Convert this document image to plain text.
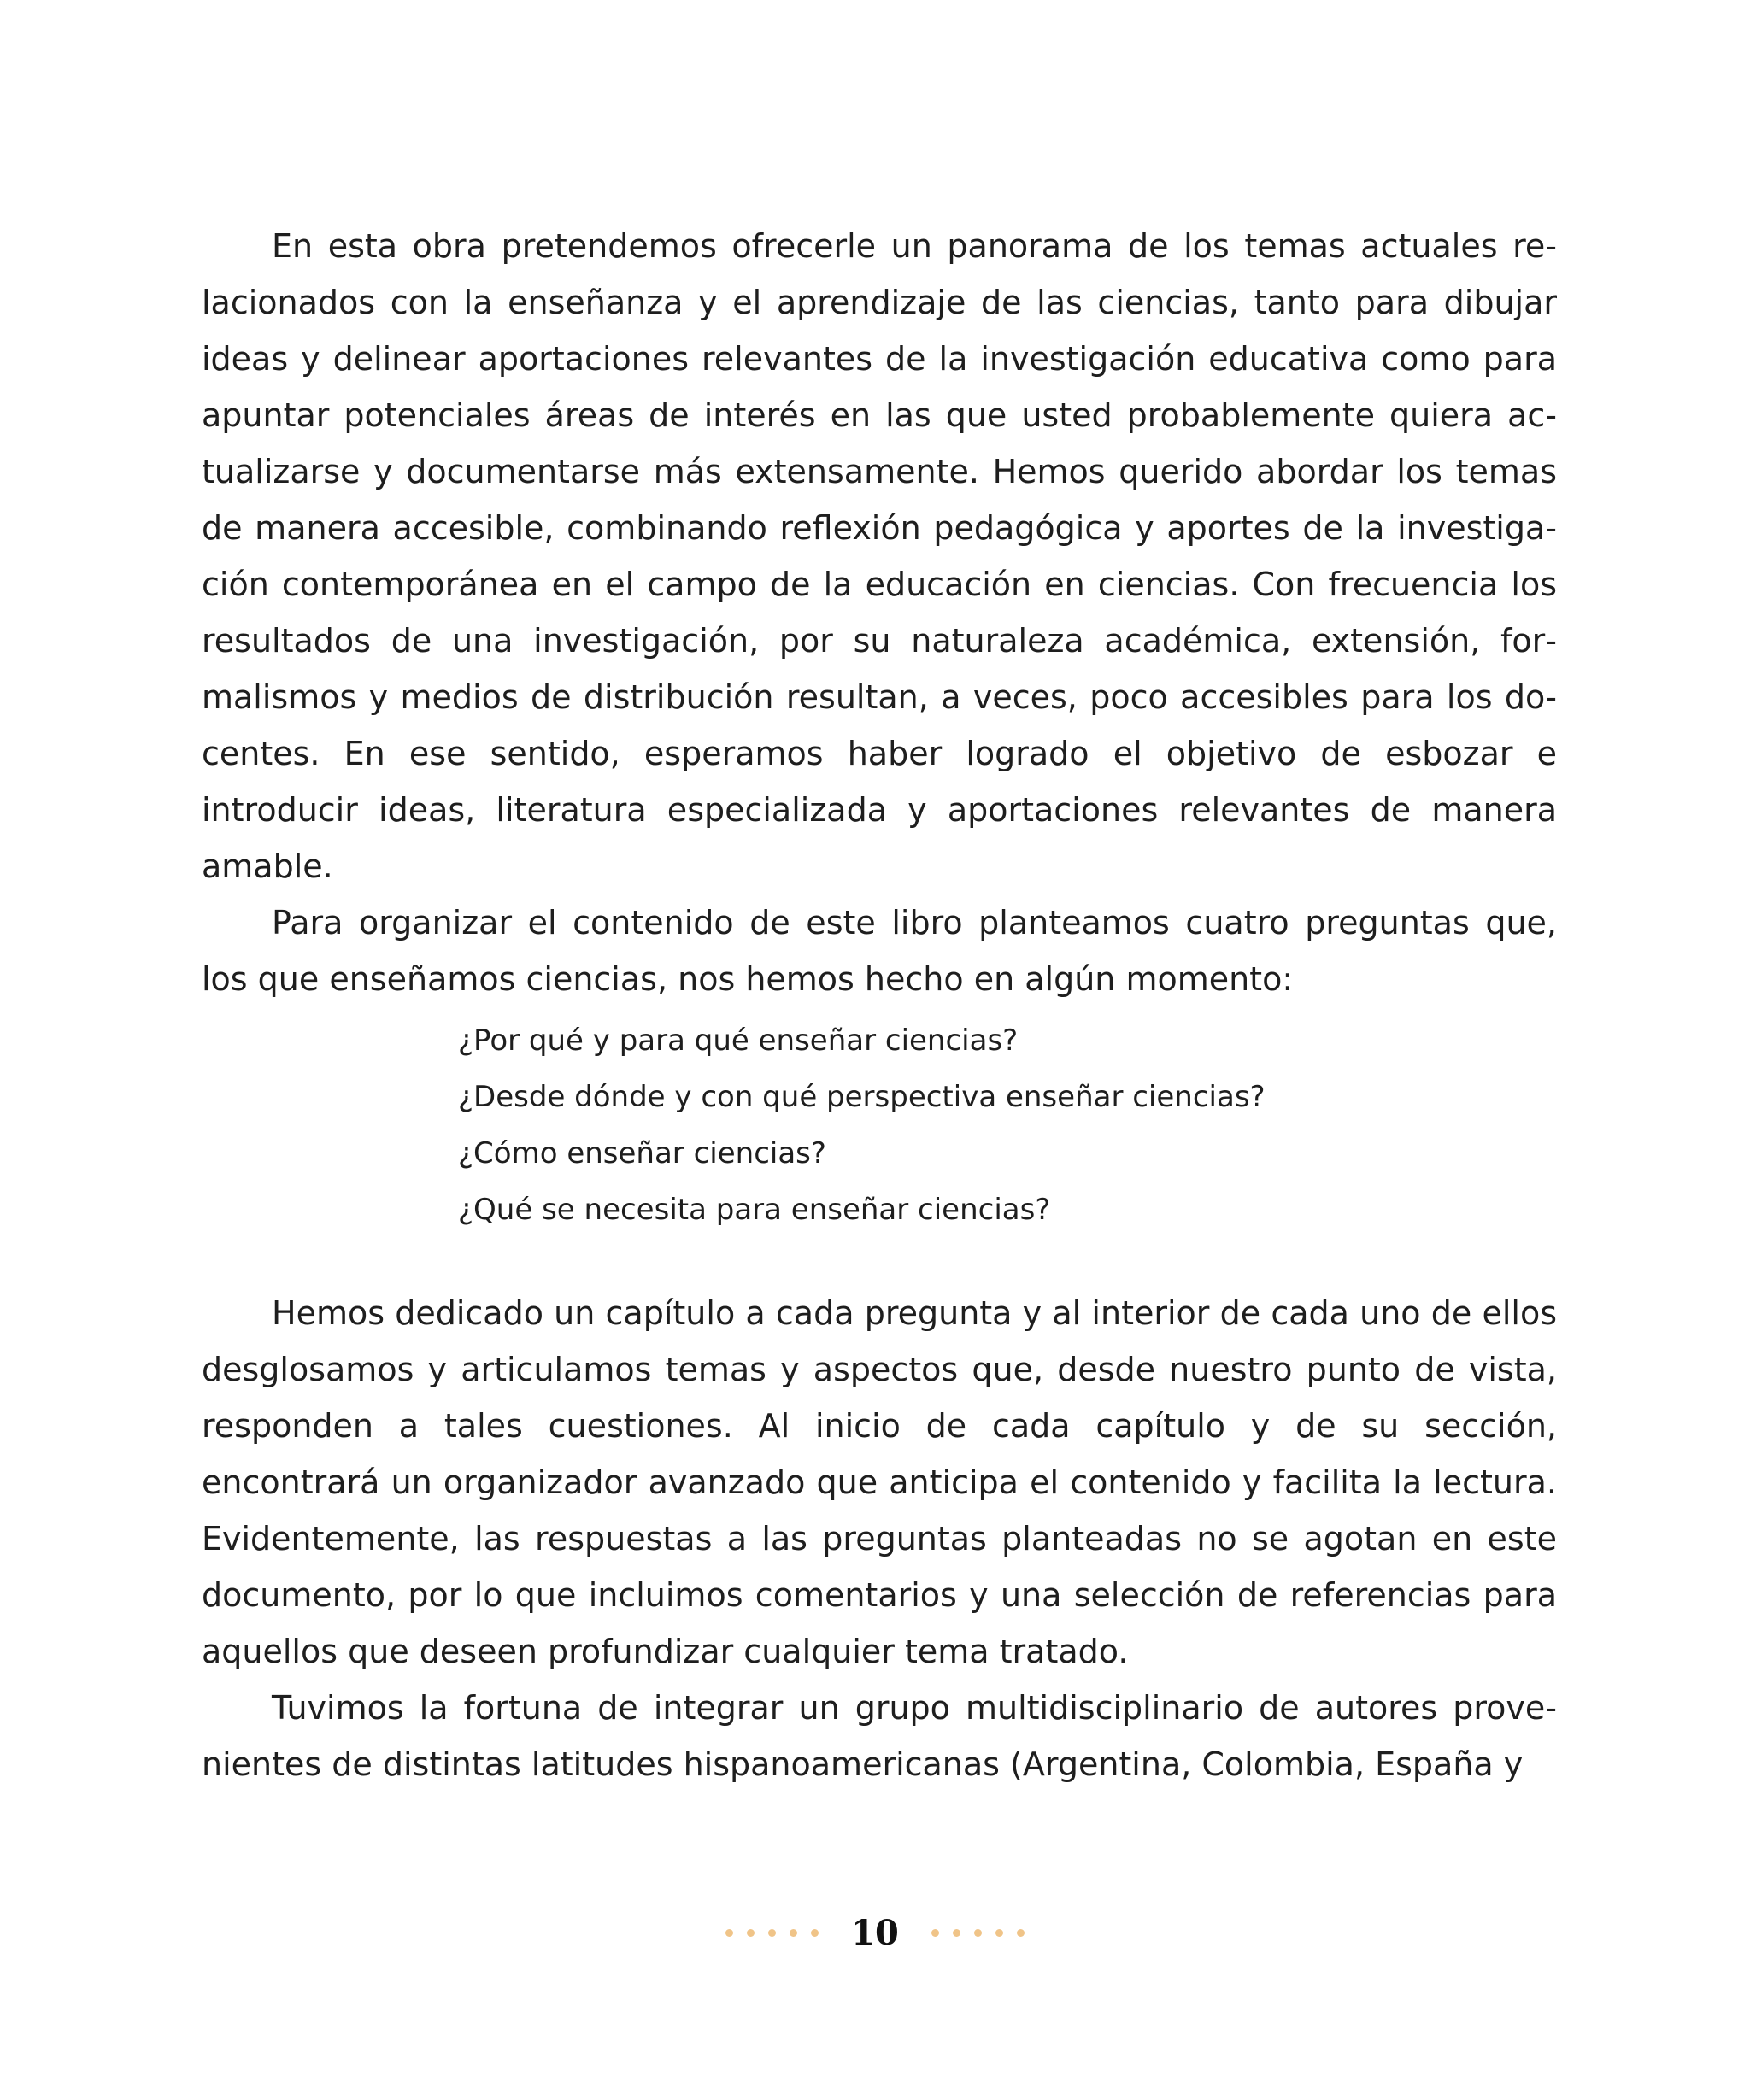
En esta obra pretendemos ofrecerle un panorama de los temas actuales relacionados con la enseñanza y el aprendizaje de las ciencias, tanto para dibujar ideas y delinear aportaciones relevantes de la investigación educativa como para apuntar potenciales áreas de interés en las que usted probablemente quiera actualizarse y documentarse más extensamente. Hemos querido abordar los temas de manera accesible, combinando reflexión pedagógica y aportes de la investigación contemporánea en el campo de la educación en ciencias. Con frecuencia los resultados de una investigación, por su naturaleza académica, extensión, formalismos y medios de distribución resultan, a veces, poco accesibles para los docentes. En ese sentido, esperamos haber logrado el objetivo de esbozar e introducir ideas, literatura especializada y aportaciones relevantes de manera amable.

Para organizar el contenido de este libro planteamos cuatro preguntas que, los que enseñamos ciencias, nos hemos hecho en algún momento:

¿Por qué y para qué enseñar ciencias?
¿Desde dónde y con qué perspectiva enseñar ciencias?
¿Cómo enseñar ciencias?
¿Qué se necesita para enseñar ciencias?

Hemos dedicado un capítulo a cada pregunta y al interior de cada uno de ellos desglosamos y articulamos temas y aspectos que, desde nuestro punto de vista, responden a tales cuestiones. Al inicio de cada capítulo y de su sección, encontrará un organizador avanzado que anticipa el contenido y facilita la lectura. Evidentemente, las respuestas a las preguntas planteadas no se agotan en este documento, por lo que incluimos comentarios y una selección de referencias para aquellos que deseen profundizar cualquier tema tratado.

Tuvimos la fortuna de integrar un grupo multidisciplinario de autores provenientes de distintas latitudes hispanoamericanas (Argentina, Colombia, España y

10
